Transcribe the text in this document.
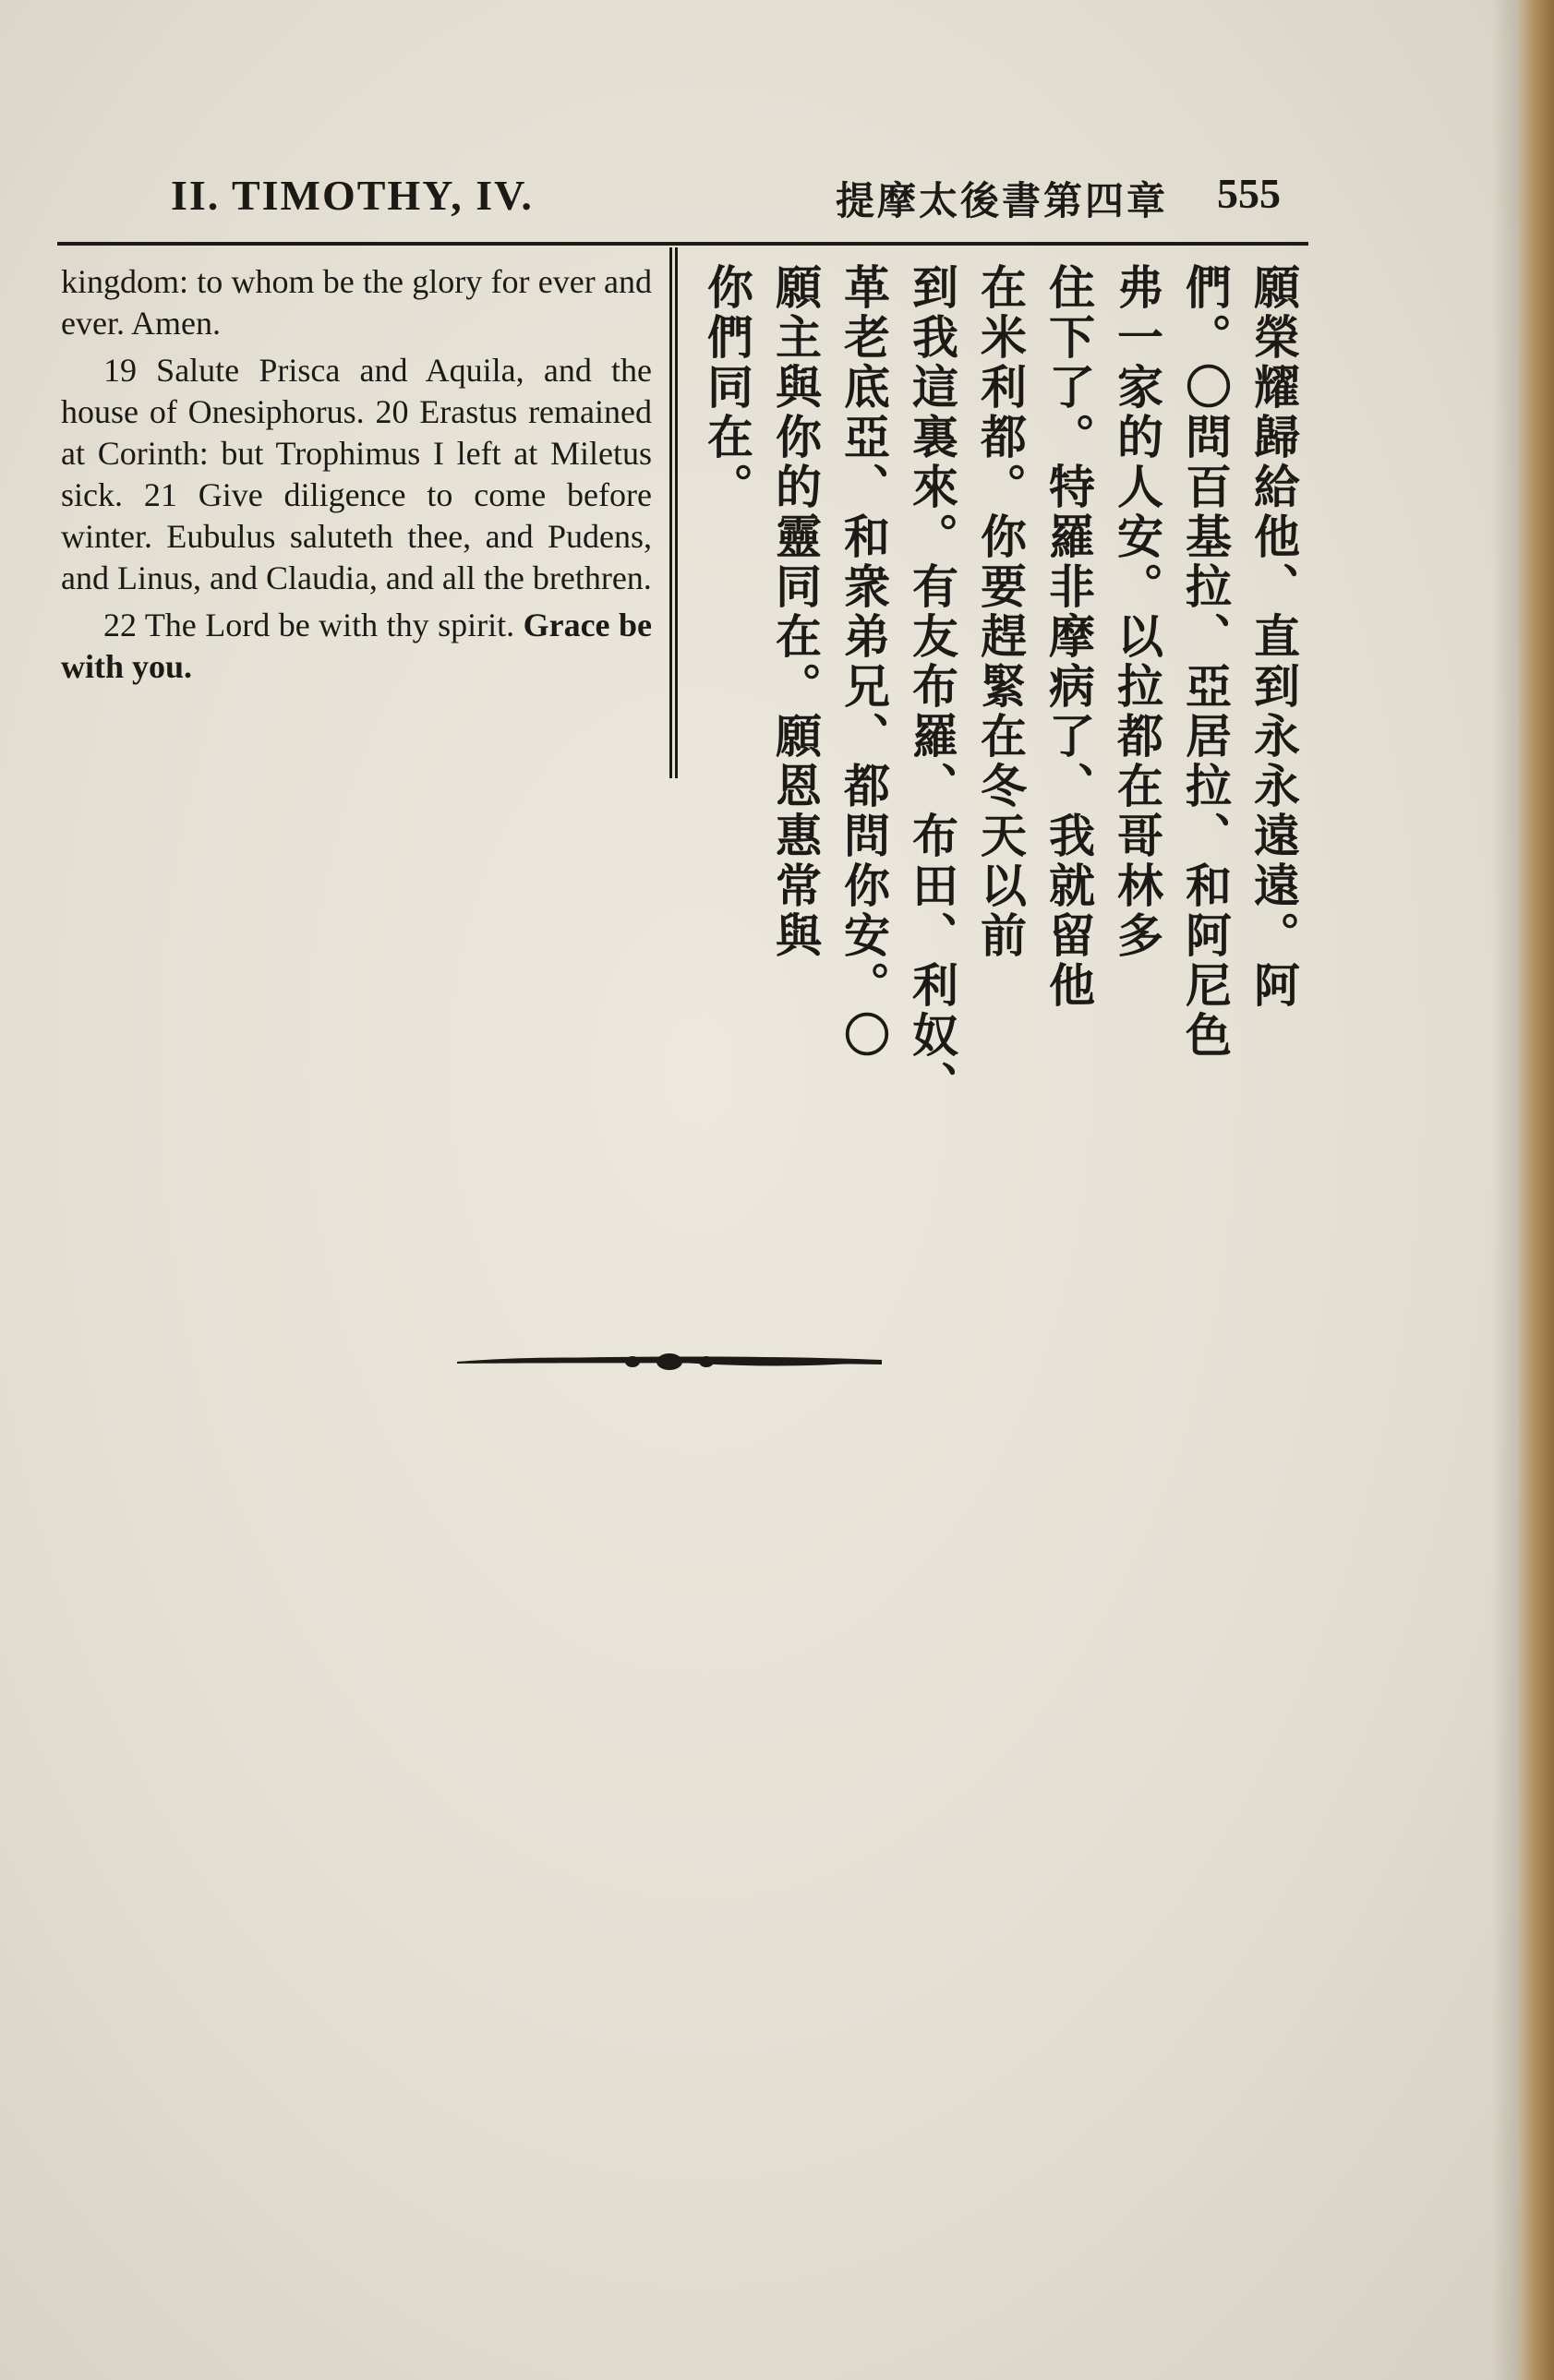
II. TIMOTHY, IV.	提摩太後書第四章 555

kingdom: to whom be the glory for ever and ever. Amen.

19 Salute Prisca and Aquila, and the house of Onesiphorus. 20 Erastus remained at Corinth: but Trophimus I left at Miletus sick. 21 Give diligence to come before winter. Eubulus saluteth thee, and Pudens, and Linus, and Claudia, and all the brethren.

22 The Lord be with thy spirit. Grace be with you.	願榮耀歸給他、直到永永遠遠。阿
們。〇問百基拉、亞居拉、和阿尼色
弗一家的人安。以拉都在哥林多
住下了。特羅非摩病了、我就留他
在米利都。你要趕緊在冬天以前
到我這裏來。有友布羅、布田、利奴、
革老底亞、和衆弟兄、都問你安。〇
願主與你的靈同在。願恩惠常與
你們同在。
